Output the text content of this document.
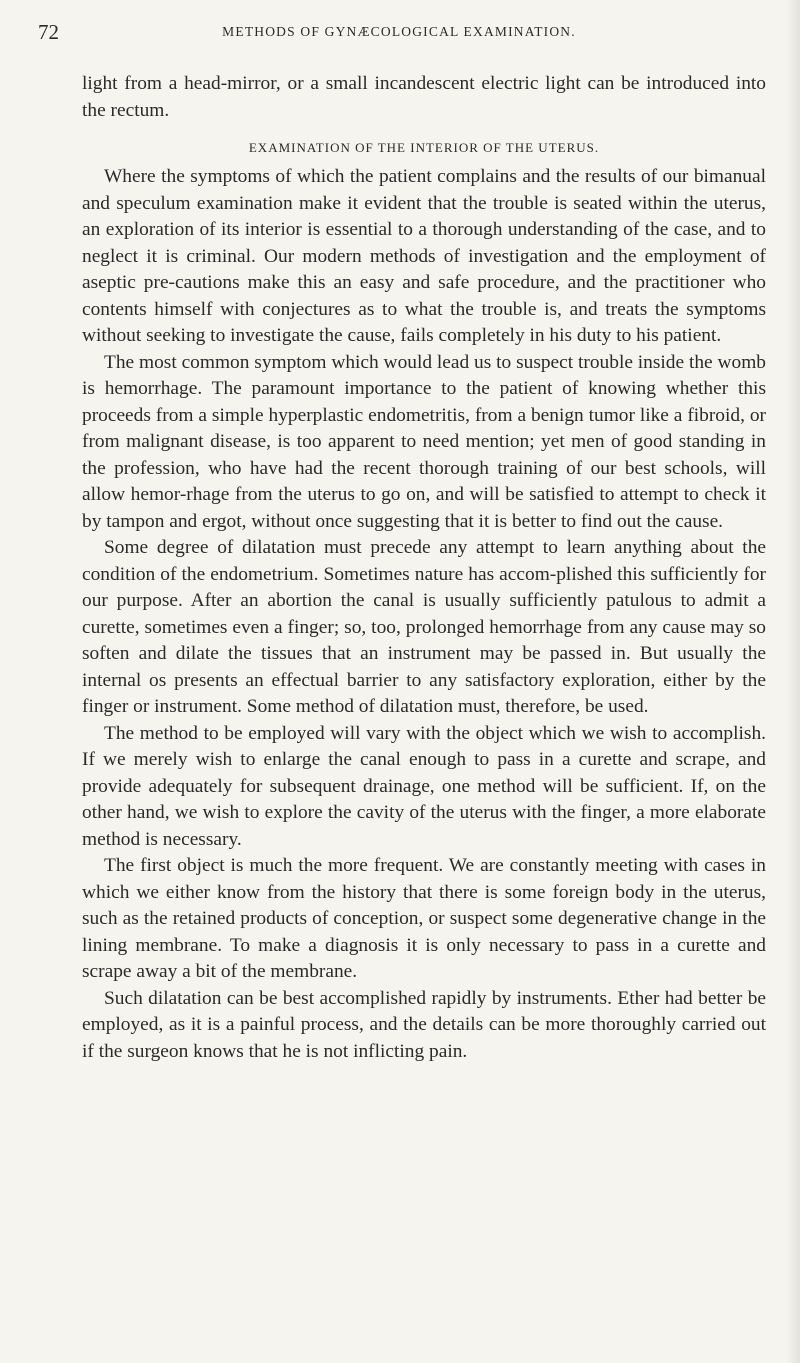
72	METHODS OF GYNÆCOLOGICAL EXAMINATION.

light from a head-mirror, or a small incandescent electric light can be introduced into the rectum.

EXAMINATION OF THE INTERIOR OF THE UTERUS.

Where the symptoms of which the patient complains and the results of our bimanual and speculum examination make it evident that the trouble is seated within the uterus, an exploration of its interior is essential to a thorough understanding of the case, and to neglect it is criminal. Our modern methods of investigation and the employment of aseptic pre-cautions make this an easy and safe procedure, and the practitioner who contents himself with conjectures as to what the trouble is, and treats the symptoms without seeking to investigate the cause, fails completely in his duty to his patient.

The most common symptom which would lead us to suspect trouble inside the womb is hemorrhage. The paramount importance to the patient of knowing whether this proceeds from a simple hyperplastic endometritis, from a benign tumor like a fibroid, or from malignant disease, is too apparent to need mention; yet men of good standing in the profession, who have had the recent thorough training of our best schools, will allow hemor-rhage from the uterus to go on, and will be satisfied to attempt to check it by tampon and ergot, without once suggesting that it is better to find out the cause.

Some degree of dilatation must precede any attempt to learn anything about the condition of the endometrium. Sometimes nature has accom-plished this sufficiently for our purpose. After an abortion the canal is usually sufficiently patulous to admit a curette, sometimes even a finger; so, too, prolonged hemorrhage from any cause may so soften and dilate the tissues that an instrument may be passed in. But usually the internal os presents an effectual barrier to any satisfactory exploration, either by the finger or instrument. Some method of dilatation must, therefore, be used.

The method to be employed will vary with the object which we wish to accomplish. If we merely wish to enlarge the canal enough to pass in a curette and scrape, and provide adequately for subsequent drainage, one method will be sufficient. If, on the other hand, we wish to explore the cavity of the uterus with the finger, a more elaborate method is necessary.

The first object is much the more frequent. We are constantly meeting with cases in which we either know from the history that there is some foreign body in the uterus, such as the retained products of conception, or suspect some degenerative change in the lining membrane. To make a diagnosis it is only necessary to pass in a curette and scrape away a bit of the membrane.

Such dilatation can be best accomplished rapidly by instruments. Ether had better be employed, as it is a painful process, and the details can be more thoroughly carried out if the surgeon knows that he is not inflicting pain.
